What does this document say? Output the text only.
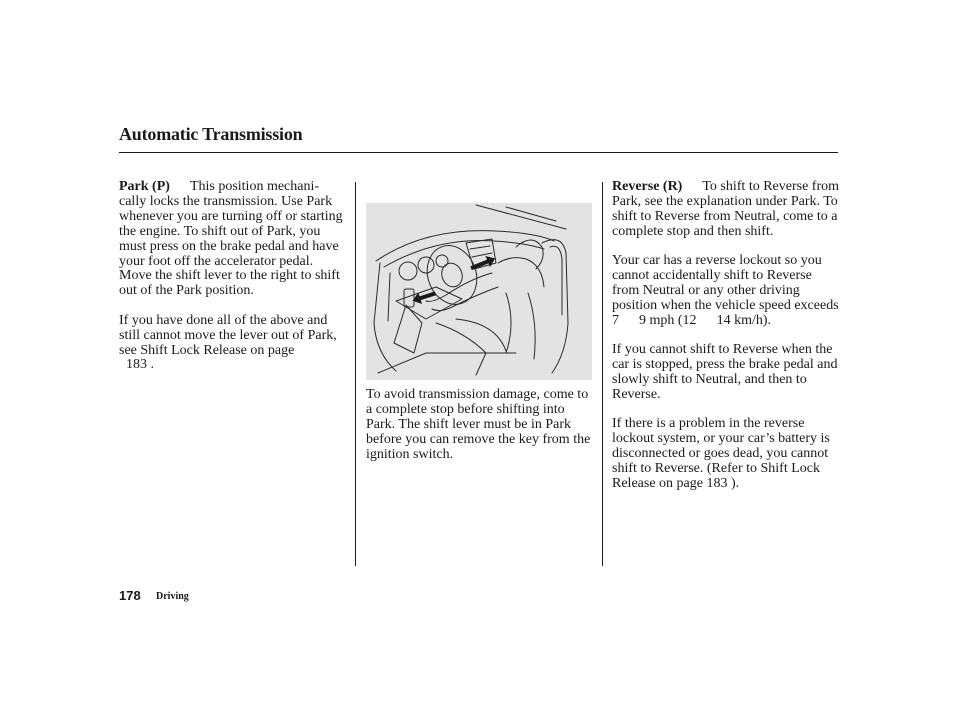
Automatic Transmission

Park (P) This position mechani- cally locks the transmission. Use Park whenever you are turning off or starting the engine. To shift out of Park, you must press on the brake pedal and have your foot off the accelerator pedal. Move the shift lever to the right to shift out of the Park position.

If you have done all of the above and still cannot move the lever out of Park, see Shift Lock Release on page
183 .

To avoid transmission damage, come to a complete stop before shifting into Park. The shift lever must be in Park before you can remove the key from the ignition switch.

Reverse (R) To shift to Reverse from Park, see the explanation under Park. To shift to Reverse from Neutral, come to a complete stop and then shift.

Your car has a reverse lockout so you cannot accidentally shift to Reverse from Neutral or any other driving position when the vehicle speed exceeds 7 9 mph (12 14 km/h).

If you cannot shift to Reverse when the car is stopped, press the brake pedal and slowly shift to Neutral, and then to Reverse.

If there is a problem in the reverse lockout system, or your car’s battery is disconnected or goes dead, you cannot shift to Reverse. (Refer to Shift Lock Release on page 183 ).

178 Driving
